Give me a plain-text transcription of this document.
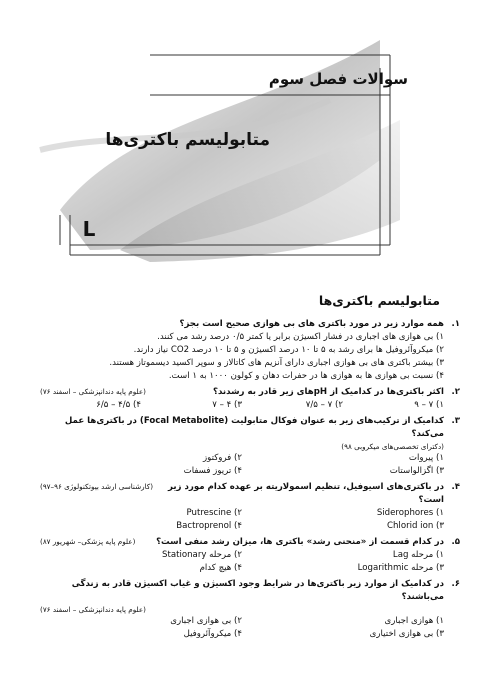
سوالات فصل سوم
متابولیسم باکتری‌ها
L
متابولیسم باکتری‌ها
۱.
همه موارد زیر در مورد باکتری های بی هوازی صحیح است بجز؟
۱) بی هوازی های اجباری در فشار اکسیژن برابر یا کمتر ۰/۵ درصد رشد می کنند.
۲) میکروآئروفیل ها برای رشد به ۵ تا ۱۰ درصد اکسیژن و ۵ تا ۱۰ درصد CO2 نیاز دارند.
۳) بیشتر باکتری های بی هوازی اجباری دارای آنزیم های کاتالاز و سوپر اکسید دیسموتاز هستند.
۴) نسبت بی هوازی ها به هوازی ها در حفرات دهان و کولون ۱۰۰۰ به ۱ است.
۲.
اکثر باکتری‌ها در کدامیک از pHهای زیر قادر به رشدند؟
(علوم پایه دندانپزشکی – اسفند ۷۶)
۱) ۷ – ۹
۲) ۷ – ۷/۵
۳) ۴ – ۷
۴) ۴/۵ – ۶/۵
۳.
کدامیک از ترکیب‌های زیر به عنوان فوکال متابولیت (Focal Metabolite) در باکتری‌ها عمل می‌کند؟
(دکترای تخصصی‌های میکروبی ۹۸)
۱) پیروات
۲) فروکتوز
۳) اگزالواستات
۴) تریوز فسفات
۴.
در باکتری‌های اسیوفیل، تنظیم اسمولاریته بر عهده کدام مورد زیر است؟
(کارشناسی ارشد بیوتکنولوژی ۹۶–۹۷)
۱) Siderophores
۲) Putrescine
۳) Chlorid ion
۴) Bactroprenol
۵.
در کدام قسمت از «منحنی رشد» باکتری ها، میزان رشد منفی است؟
(علوم پایه پزشکی– شهریور ۸۷)
۱) مرحله Lag
۲) مرحله Stationary
۳) مرحله Logarithmic
۴) هیچ کدام
۶.
در کدامیک از موارد زیر باکتری‌ها در شرایط وجود اکسیژن و غیاب اکسیژن قادر به زندگی می‌باشند؟
(علوم پایه دندانپزشکی – اسفند ۷۶)
۱) هوازی اجباری
۲) بی هوازی اجباری
۳) بی هوازی اختیاری
۴) میکروآئروفیل
